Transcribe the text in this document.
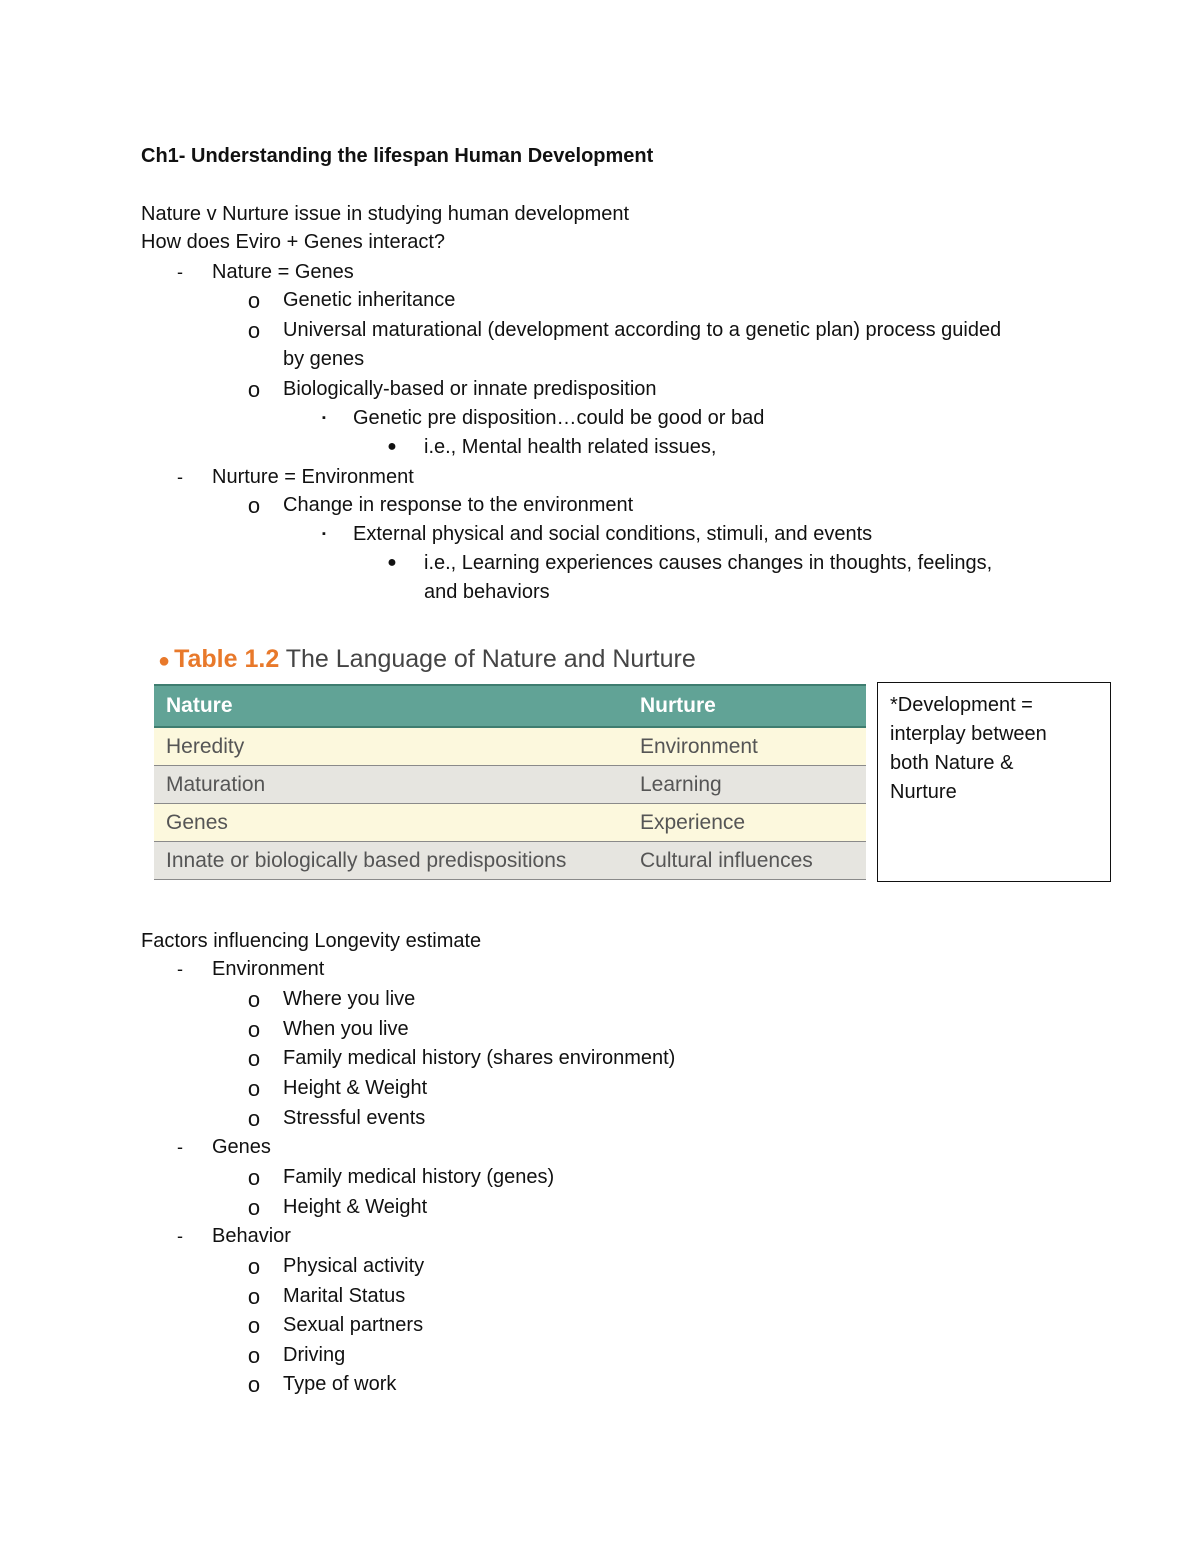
Ch1- Understanding the lifespan Human Development
Nature v Nurture issue in studying human development
How does Eviro + Genes interact?
-	Nature = Genes
o Genetic inheritance
o Universal maturational (development according to a genetic plan) process guided
by genes
o Biologically-based or innate predisposition
▪	Genetic pre disposition…could be good or bad
● i.e., Mental health related issues,
-	Nurture = Environment
o Change in response to the environment
▪	External physical and social conditions, stimuli, and events
● i.e., Learning experiences causes changes in thoughts, feelings,
and behaviors
● Table 1.2 The Language of Nature and Nurture
Nature	Nurture
Heredity	Environment
Maturation	Learning
Genes	Experience
Innate or biologically based predispositions	Cultural influences
*Development =
interplay between
both Nature &
Nurture
Factors influencing Longevity estimate
-	Environment
o Where you live
o When you live
o Family medical history (shares environment)
o Height & Weight
o Stressful events
-	Genes
o Family medical history (genes)
o Height & Weight
-	Behavior
o Physical activity
o Marital Status
o Sexual partners
o Driving
o Type of work
